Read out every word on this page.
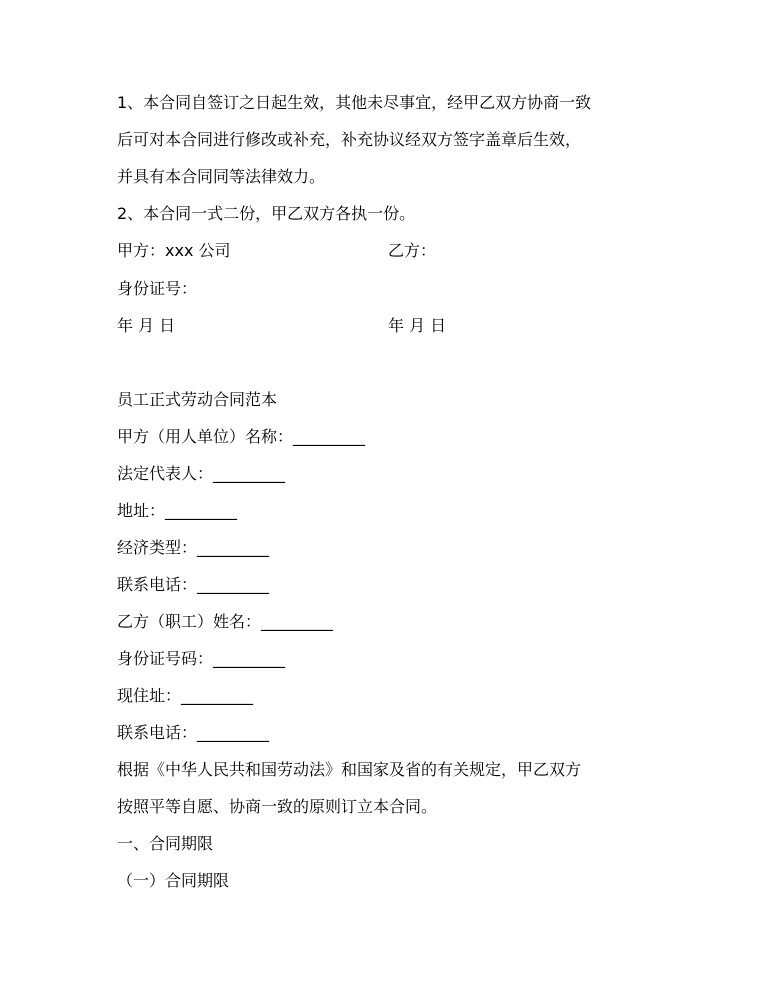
1、本合同自签订之日起生效，其他未尽事宜，经甲乙双方协商一致
后可对本合同进行修改或补充，补充协议经双方签字盖章后生效，
并具有本合同同等法律效力。
2、本合同一式二份，甲乙双方各执一份。
甲方：xxx 公司	乙方：
身份证号：
年 月 日	年 月 日
员工正式劳动合同范本
甲方（用人单位）名称：_________
法定代表人：_________
地址：_________
经济类型：_________
联系电话：_________
乙方（职工）姓名：_________
身份证号码：_________
现住址：_________
联系电话：_________
根据《中华人民共和国劳动法》和国家及省的有关规定，甲乙双方
按照平等自愿、协商一致的原则订立本合同。
一、合同期限
（一）合同期限
